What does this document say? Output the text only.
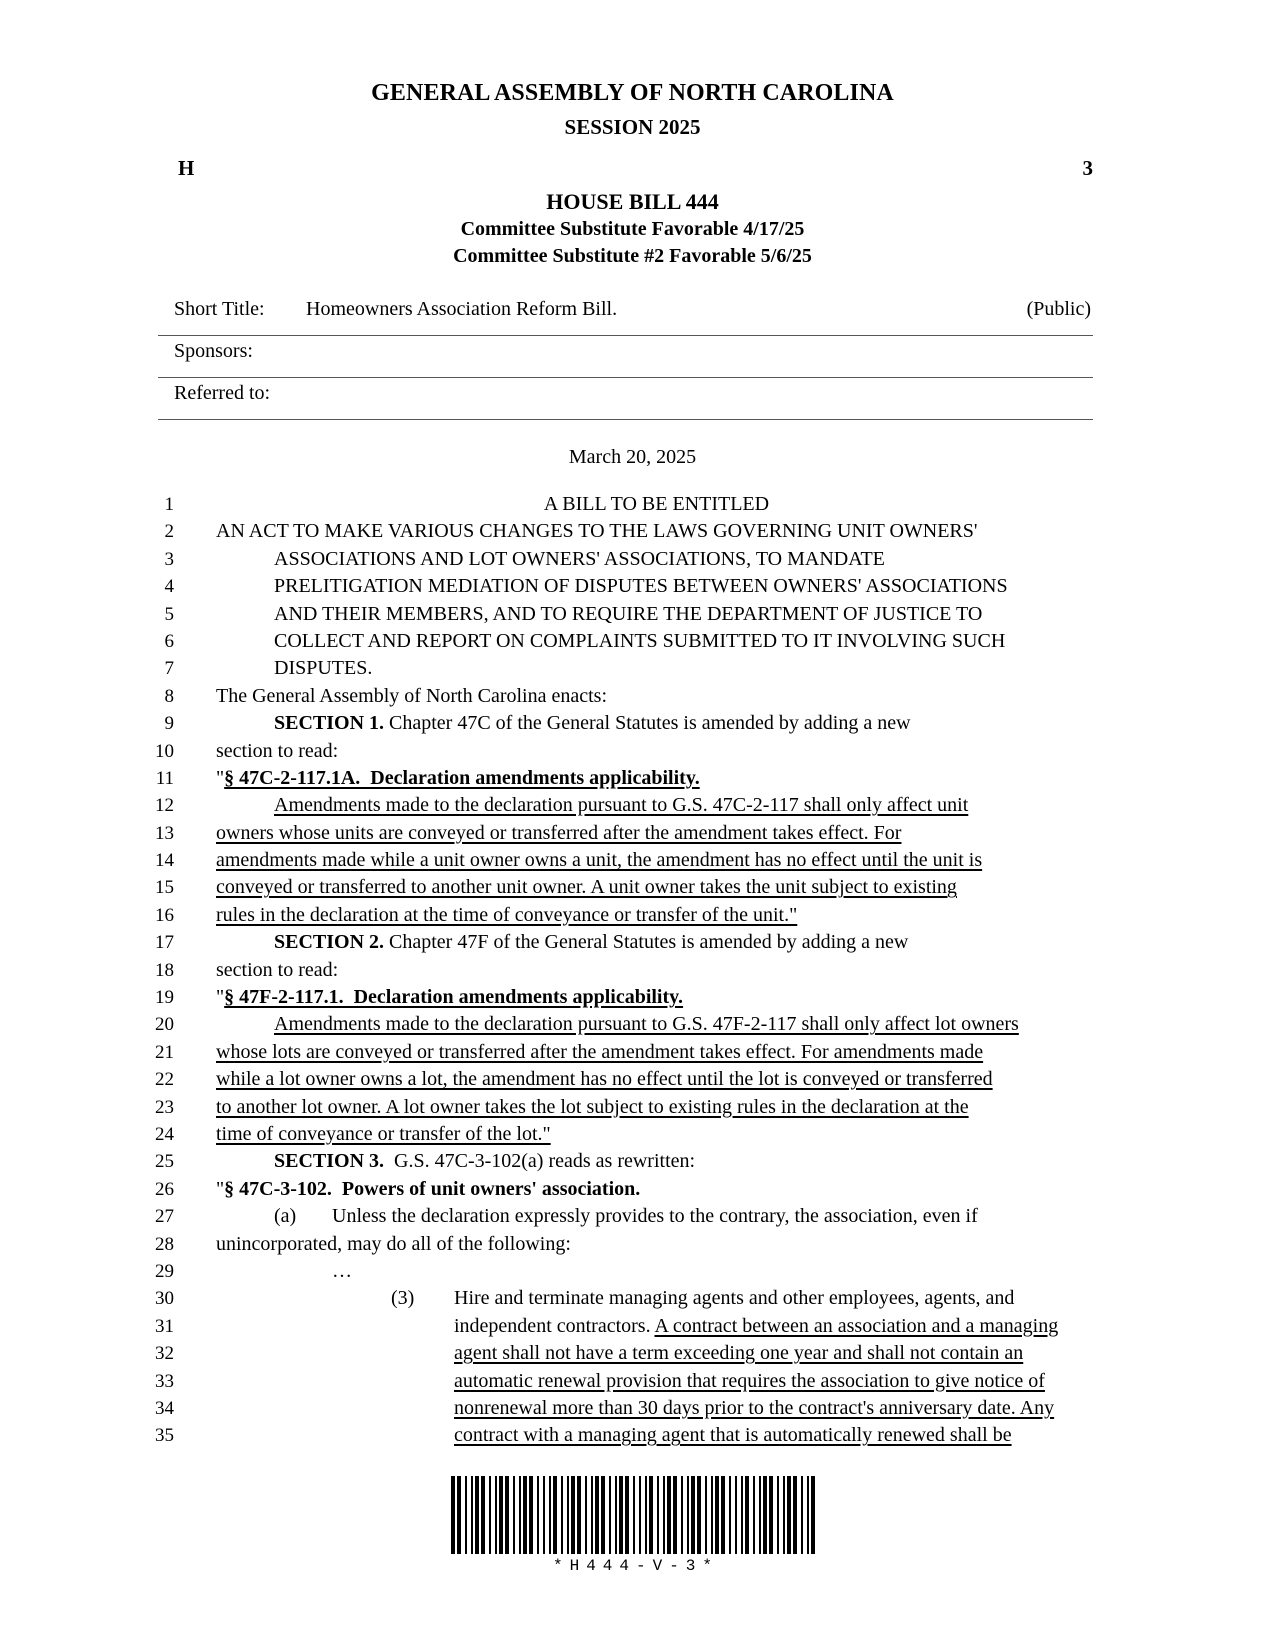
GENERAL ASSEMBLY OF NORTH CAROLINA
SESSION 2025
H	3
HOUSE BILL 444
Committee Substitute Favorable 4/17/25
Committee Substitute #2 Favorable 5/6/25
Short Title:	Homeowners Association Reform Bill.	(Public)
Sponsors:
Referred to:
March 20, 2025
1	A BILL TO BE ENTITLED
2 AN ACT TO MAKE VARIOUS CHANGES TO THE LAWS GOVERNING UNIT OWNERS'
3	ASSOCIATIONS AND LOT OWNERS' ASSOCIATIONS, TO MANDATE
4	PRELITIGATION MEDIATION OF DISPUTES BETWEEN OWNERS' ASSOCIATIONS
5	AND THEIR MEMBERS, AND TO REQUIRE THE DEPARTMENT OF JUSTICE TO
6	COLLECT AND REPORT ON COMPLAINTS SUBMITTED TO IT INVOLVING SUCH
7	DISPUTES.
8 The General Assembly of North Carolina enacts:
9	SECTION 1. Chapter 47C of the General Statutes is amended by adding a new
10 section to read:
11 "§ 47C-2-117.1A.  Declaration amendments applicability.
12	Amendments made to the declaration pursuant to G.S. 47C-2-117 shall only affect unit
13 owners whose units are conveyed or transferred after the amendment takes effect. For
14 amendments made while a unit owner owns a unit, the amendment has no effect until the unit is
15 conveyed or transferred to another unit owner. A unit owner takes the unit subject to existing
16 rules in the declaration at the time of conveyance or transfer of the unit."
17	SECTION 2. Chapter 47F of the General Statutes is amended by adding a new
18 section to read:
19 "§ 47F-2-117.1.  Declaration amendments applicability.
20	Amendments made to the declaration pursuant to G.S. 47F-2-117 shall only affect lot owners
21 whose lots are conveyed or transferred after the amendment takes effect. For amendments made
22 while a lot owner owns a lot, the amendment has no effect until the lot is conveyed or transferred
23 to another lot owner. A lot owner takes the lot subject to existing rules in the declaration at the
24 time of conveyance or transfer of the lot."
25	SECTION 3.  G.S. 47C-3-102(a) reads as rewritten:
26 "§ 47C-3-102.  Powers of unit owners' association.
27	(a) Unless the declaration expressly provides to the contrary, the association, even if
28 unincorporated, may do all of the following:
29	…
30	(3) Hire and terminate managing agents and other employees, agents, and
31	independent contractors. A contract between an association and a managing
32	agent shall not have a term exceeding one year and shall not contain an
33	automatic renewal provision that requires the association to give notice of
34	nonrenewal more than 30 days prior to the contract's anniversary date. Any
35	contract with a managing agent that is automatically renewed shall be
*H444-V-3*
